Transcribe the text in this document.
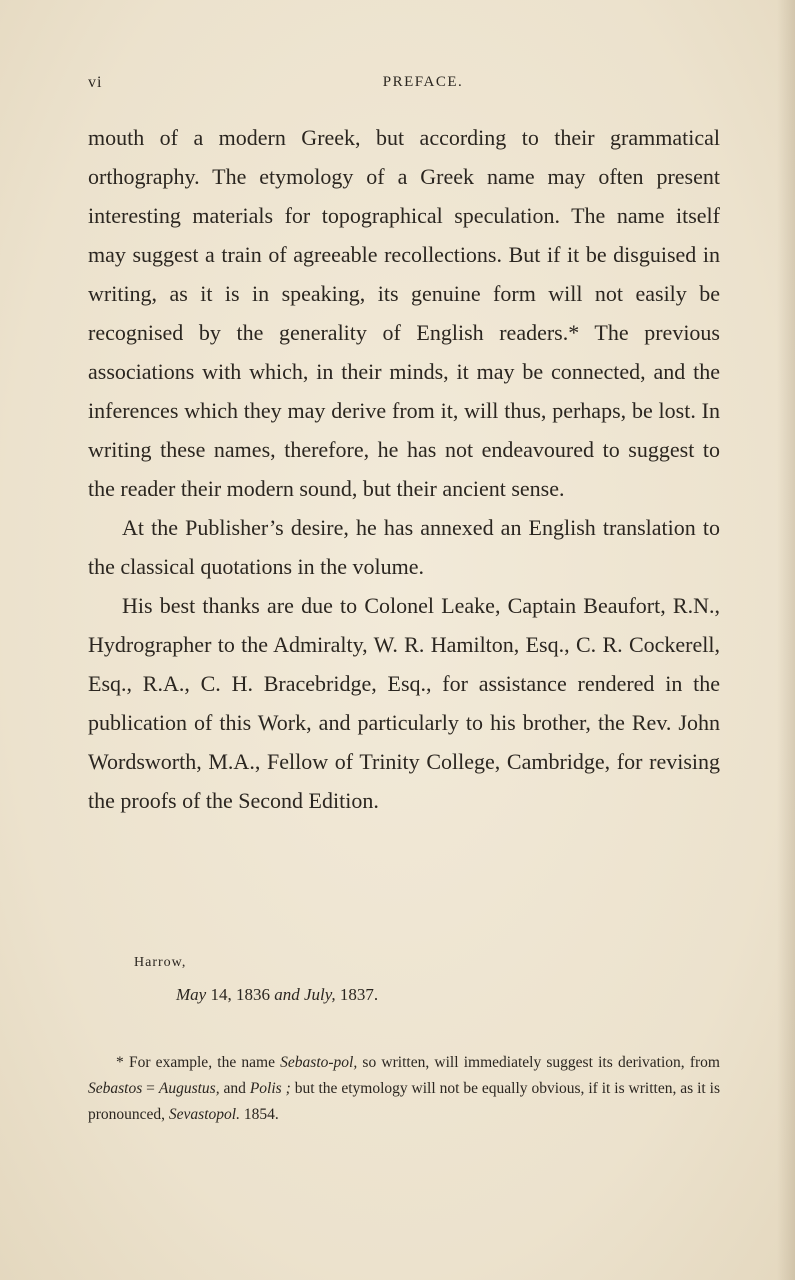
vi	PREFACE.

mouth of a modern Greek, but according to their grammatical orthography. The etymology of a Greek name may often present interesting materials for topographical speculation. The name itself may suggest a train of agreeable recollections. But if it be disguised in writing, as it is in speaking, its genuine form will not easily be recognised by the generality of English readers.* The previous associations with which, in their minds, it may be connected, and the inferences which they may derive from it, will thus, perhaps, be lost. In writing these names, therefore, he has not endeavoured to suggest to the reader their modern sound, but their ancient sense.

At the Publisher’s desire, he has annexed an English translation to the classical quotations in the volume.

His best thanks are due to Colonel Leake, Captain Beaufort, R.N., Hydrographer to the Admiralty, W. R. Hamilton, Esq., C. R. Cockerell, Esq., R.A., C. H. Bracebridge, Esq., for assistance rendered in the publication of this Work, and particularly to his brother, the Rev. John Wordsworth, M.A., Fellow of Trinity College, Cambridge, for revising the proofs of the Second Edition.

Harrow,
May 14, 1836 and July, 1837.

* For example, the name Sebasto-pol, so written, will immediately suggest its derivation, from Sebastos = Augustus, and Polis ; but the etymology will not be equally obvious, if it is written, as it is pronounced, Sevastopol. 1854.
